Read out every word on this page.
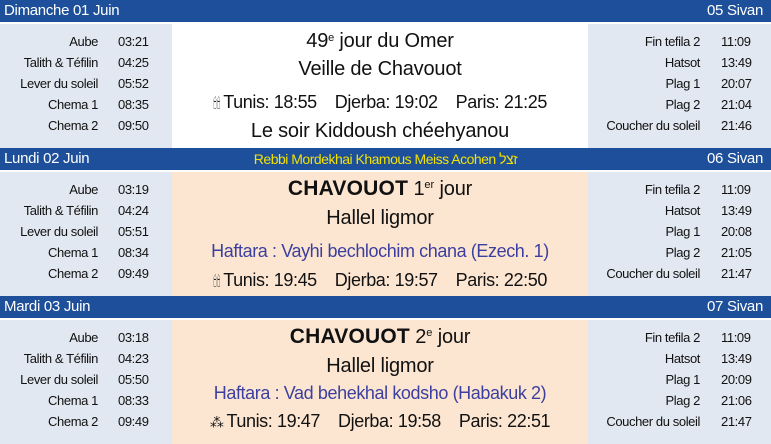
Dimanche 01 Juin	05 Sivan
Aube 03:21
Talith & Téfilin 04:25
Lever du soleil 05:52
Chema 1 08:35
Chema 2 09:50
49e jour du Omer
Veille de Chavouot
🕯🕯 Tunis: 18:55 Djerba: 19:02 Paris: 21:25
Le soir Kiddoush chéehyanou
Fin tefila 2 11:09
Hatsot 13:49
Plag 1 20:07
Plag 2 21:04
Coucher du soleil 21:46
Lundi 02 Juin	Rebbi Mordekhai Khamous Meiss Acohen זצל	06 Sivan
Aube 03:19
Talith & Téfilin 04:24
Lever du soleil 05:51
Chema 1 08:34
Chema 2 09:49
CHAVOUOT 1er jour
Hallel ligmor
Haftara : Vayhi bechlochim chana (Ezech. 1)
🕯🕯 Tunis: 19:45 Djerba: 19:57 Paris: 22:50
Fin tefila 2 11:09
Hatsot 13:49
Plag 1 20:08
Plag 2 21:05
Coucher du soleil 21:47
Mardi 03 Juin	07 Sivan
Aube 03:18
Talith & Téfilin 04:23
Lever du soleil 05:50
Chema 1 08:33
Chema 2 09:49
CHAVOUOT 2e jour
Hallel ligmor
Haftara : Vad behekhal kodsho (Habakuk 2)
⁂ Tunis: 19:47 Djerba: 19:58 Paris: 22:51
Fin tefila 2 11:09
Hatsot 13:49
Plag 1 20:09
Plag 2 21:06
Coucher du soleil 21:47
